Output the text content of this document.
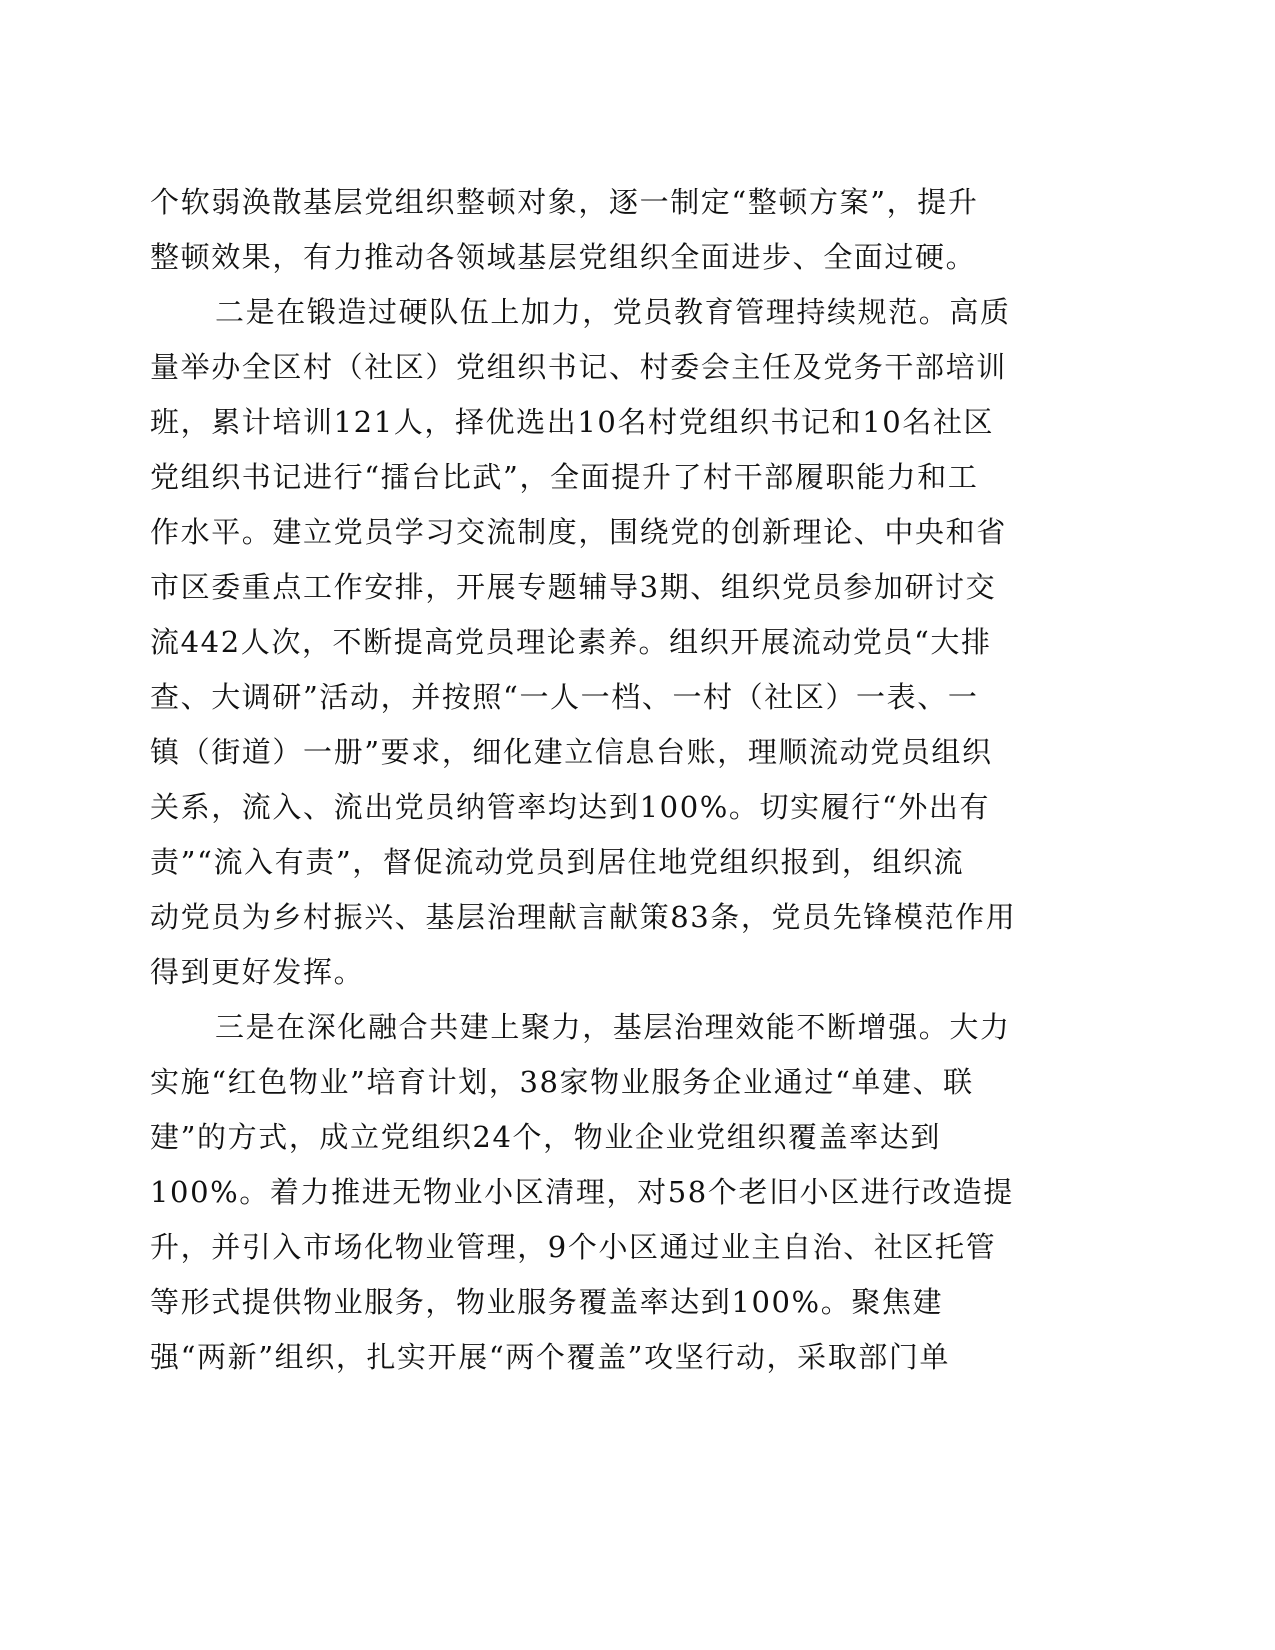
个软弱涣散基层党组织整顿对象，逐一制定“整顿方案”，提升
整顿效果，有力推动各领域基层党组织全面进步、全面过硬。
二是在锻造过硬队伍上加力，党员教育管理持续规范。高质
量举办全区村（社区）党组织书记、村委会主任及党务干部培训
班，累计培训121人，择优选出10名村党组织书记和10名社区
党组织书记进行“擂台比武”，全面提升了村干部履职能力和工
作水平。建立党员学习交流制度，围绕党的创新理论、中央和省
市区委重点工作安排，开展专题辅导3期、组织党员参加研讨交
流442人次，不断提高党员理论素养。组织开展流动党员“大排
查、大调研”活动，并按照“一人一档、一村（社区）一表、一
镇（街道）一册”要求，细化建立信息台账，理顺流动党员组织
关系，流入、流出党员纳管率均达到100%。切实履行“外出有
责”“流入有责”，督促流动党员到居住地党组织报到，组织流
动党员为乡村振兴、基层治理献言献策83条，党员先锋模范作用
得到更好发挥。
三是在深化融合共建上聚力，基层治理效能不断增强。大力
实施“红色物业”培育计划，38家物业服务企业通过“单建、联
建”的方式，成立党组织24个，物业企业党组织覆盖率达到
100%。着力推进无物业小区清理，对58个老旧小区进行改造提
升，并引入市场化物业管理，9个小区通过业主自治、社区托管
等形式提供物业服务，物业服务覆盖率达到100%。聚焦建
强“两新”组织，扎实开展“两个覆盖”攻坚行动，采取部门单
